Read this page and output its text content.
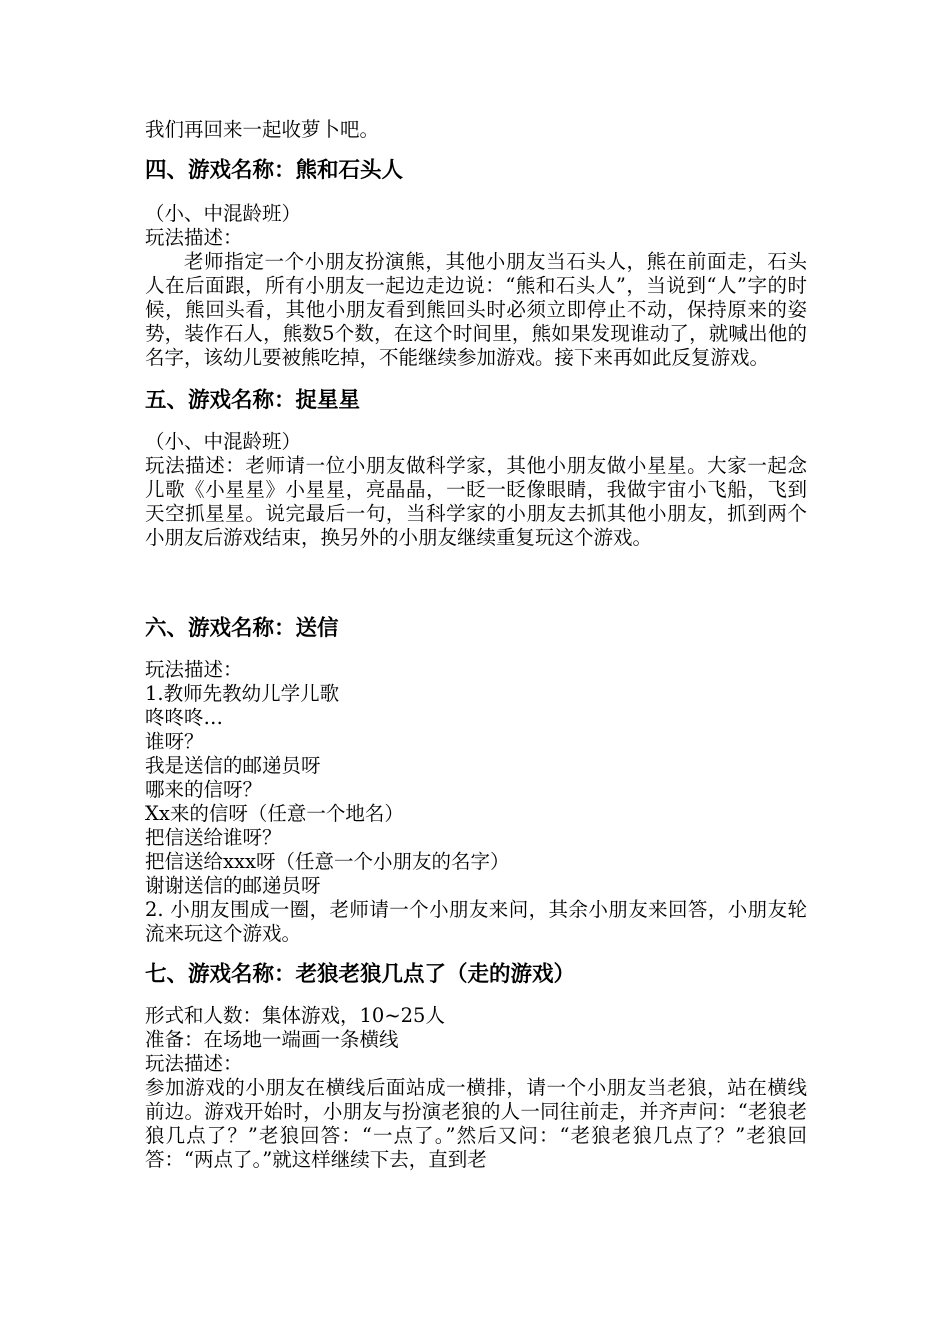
我们再回来一起收萝卜吧。

四、游戏名称：熊和石头人

（小、中混龄班）

玩法描述：

老师指定一个小朋友扮演熊，其他小朋友当石头人，熊在前面走，石头人在后面跟，所有小朋友一起边走边说：“熊和石头人”，当说到“人”字的时候，熊回头看，其他小朋友看到熊回头时必须立即停止不动，保持原来的姿势，装作石人，熊数5个数，在这个时间里，熊如果发现谁动了，就喊出他的名字，该幼儿要被熊吃掉，不能继续参加游戏。接下来再如此反复游戏。

五、游戏名称：捉星星

（小、中混龄班）

玩法描述：老师请一位小朋友做科学家，其他小朋友做小星星。大家一起念儿歌《小星星》小星星，亮晶晶，一眨一眨像眼睛，我做宇宙小飞船，飞到天空抓星星。说完最后一句，当科学家的小朋友去抓其他小朋友，抓到两个小朋友后游戏结束，换另外的小朋友继续重复玩这个游戏。

六、游戏名称：送信

玩法描述：

1.教师先教幼儿学儿歌

咚咚咚…

谁呀？

我是送信的邮递员呀

哪来的信呀？

Xx来的信呀（任意一个地名）

把信送给谁呀？

把信送给xxx呀（任意一个小朋友的名字）

谢谢送信的邮递员呀

2. 小朋友围成一圈，老师请一个小朋友来问，其余小朋友来回答，小朋友轮流来玩这个游戏。

七、游戏名称：老狼老狼几点了（走的游戏）

形式和人数：集体游戏，10~25人

准备：在场地一端画一条横线

玩法描述：

参加游戏的小朋友在横线后面站成一横排，请一个小朋友当老狼，站在横线前边。游戏开始时，小朋友与扮演老狼的人一同往前走，并齐声问：“老狼老狼几点了？”老狼回答：“一点了。”然后又问：“老狼老狼几点了？”老狼回答：“两点了。”就这样继续下去，直到老
